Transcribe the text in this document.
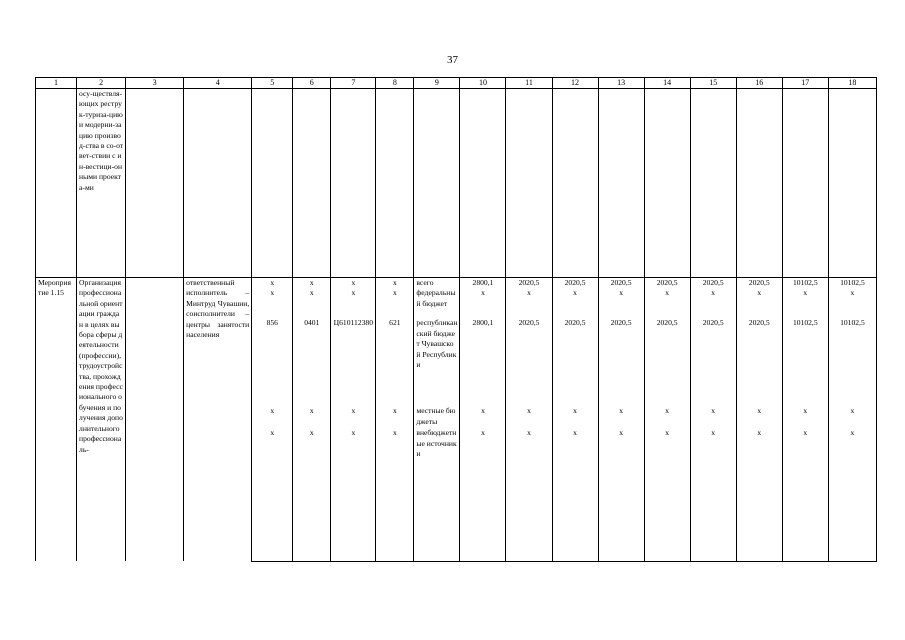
37
1	2	3	4	5	6	7	8	9	10	11	12	13	14	15	16	17	18
	осу-ществля-ющих реструк-туриза-цию и модерни-зацию производ-ства в со-ответ-ствии с ин-вестици-онными проекта-ми																
Мероприятие 1.15	Организация профессиональной ориентации граждан в целях выбора сферы деятельности (профессии), трудоустройства, прохождения профессионального обучения и получения дополнительного профессиональ-		ответственный исполнитель – Минтруд Чувашии, соисполнители – центры занятости населения	x	x	x	x	всего	2800,1	2020,5	2020,5	2020,5	2020,5	2020,5	2020,5	10102,5	10102,5
				x	x	x	x	федеральный бюджет	x	x	x	x	x	x	x	x	x
				856	0401	Ц610112380	621	республиканский бюджет Чувашской Республики	2800,1	2020,5	2020,5	2020,5	2020,5	2020,5	2020,5	10102,5	10102,5
				x	x	x	x	местные бюджеты	x	x	x	x	x	x	x	x	x
				x	x	x	x	внебюджетные источники	x	x	x	x	x	x	x	x	x
